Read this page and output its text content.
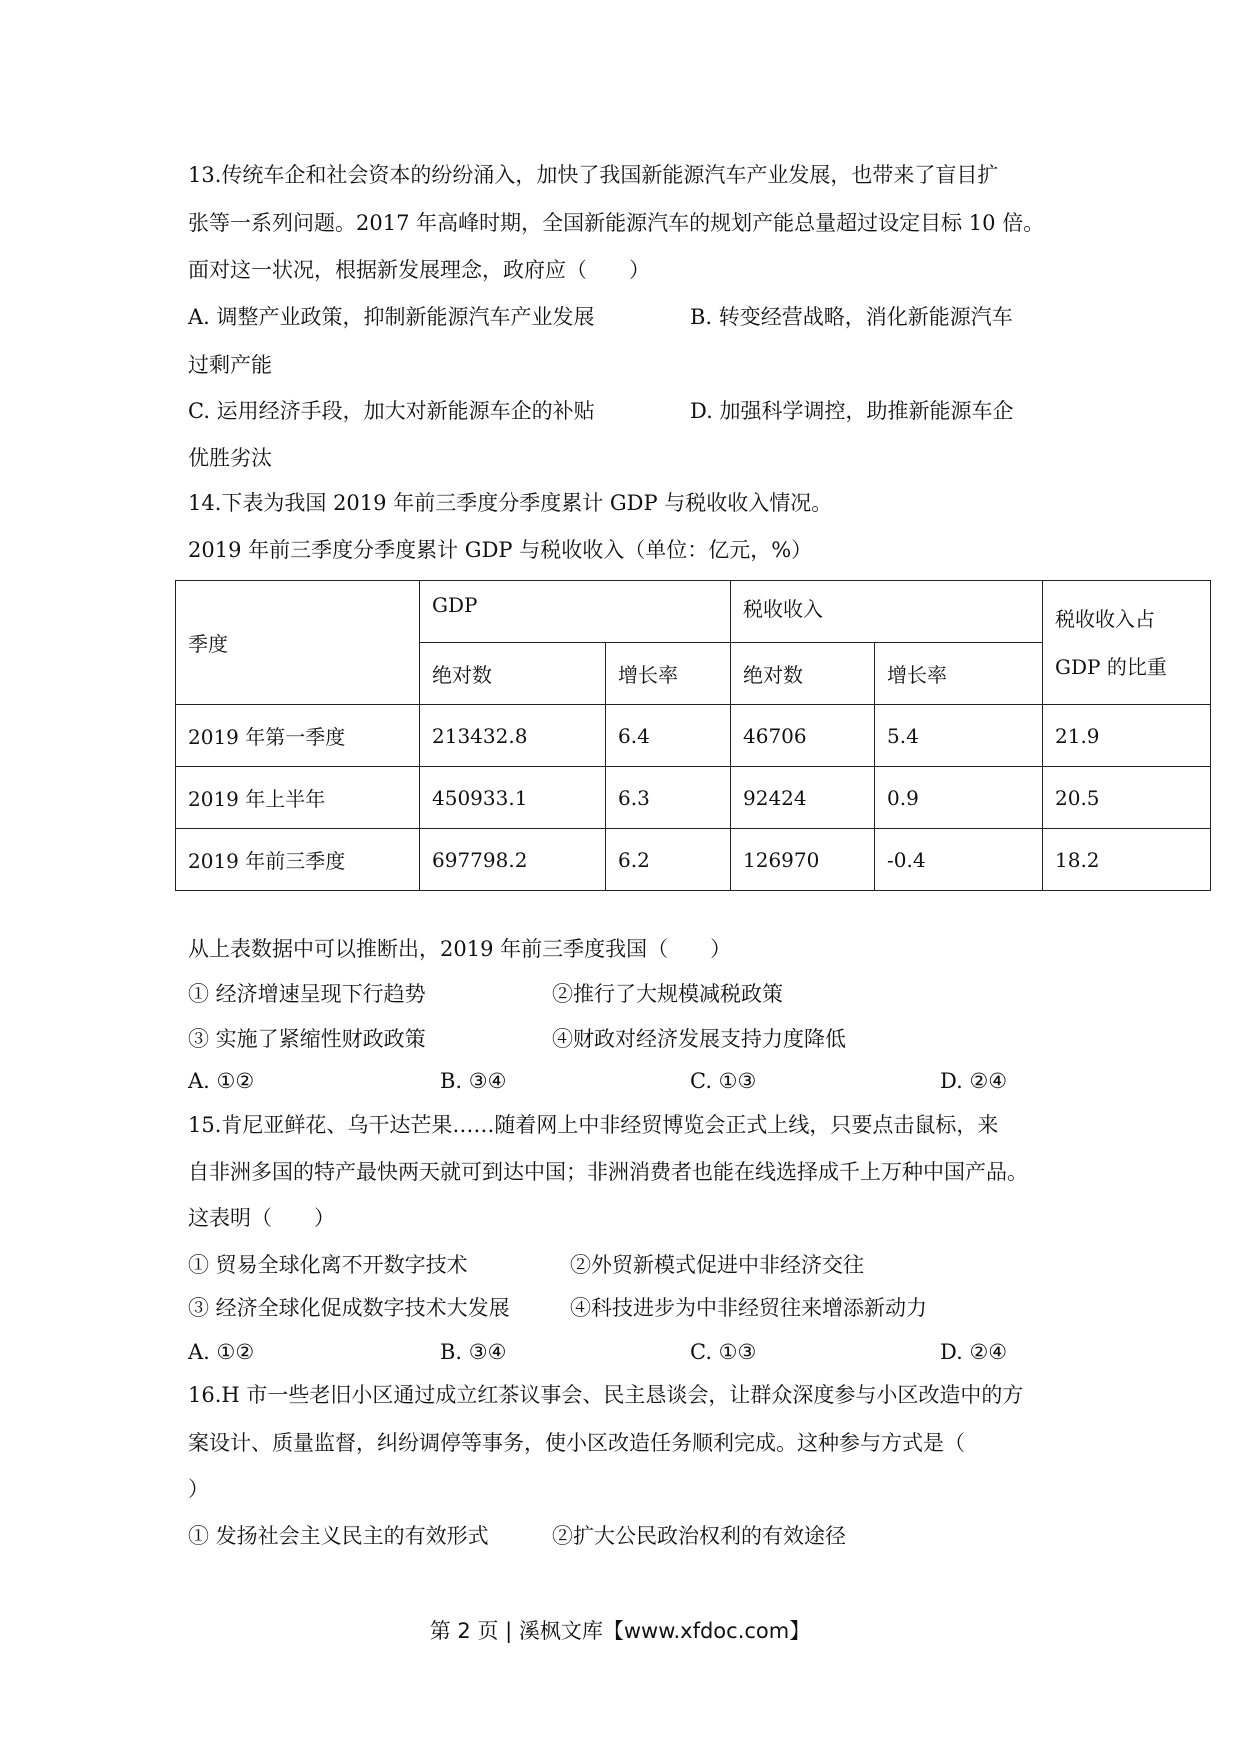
13.传统车企和社会资本的纷纷涌入，加快了我国新能源汽车产业发展，也带来了盲目扩
张等一系列问题。2017 年高峰时期，全国新能源汽车的规划产能总量超过设定目标 10 倍。
面对这一状况，根据新发展理念，政府应（　　）
A. 调整产业政策，抑制新能源汽车产业发展	B. 转变经营战略，消化新能源汽车
过剩产能
C. 运用经济手段，加大对新能源车企的补贴	D. 加强科学调控，助推新能源车企
优胜劣汰
14.下表为我国 2019 年前三季度分季度累计 GDP 与税收收入情况。
2019 年前三季度分季度累计 GDP 与税收收入（单位：亿元，%）
季度	GDP		税收收入		税收收入占
GDP 的比重

	绝对数	增长率	绝对数	增长率	
2019 年第一季度	213432.8	6.4	46706	5.4	21.9
2019 年上半年	450933.1	6.3	92424	0.9	20.5
2019 年前三季度	697798.2	6.2	126970	-0.4	18.2
从上表数据中可以推断出，2019 年前三季度我国（　　）
① 经济增速呈现下行趋势	②推行了大规模减税政策
③ 实施了紧缩性财政政策	④财政对经济发展支持力度降低
A. ①②	B. ③④	C. ①③	D. ②④
15.肯尼亚鲜花、乌干达芒果……随着网上中非经贸博览会正式上线，只要点击鼠标，来
自非洲多国的特产最快两天就可到达中国；非洲消费者也能在线选择成千上万种中国产品。
这表明（　　）
① 贸易全球化离不开数字技术	②外贸新模式促进中非经济交往
③ 经济全球化促成数字技术大发展	④科技进步为中非经贸往来增添新动力
A. ①②	B. ③④	C. ①③	D. ②④
16.H 市一些老旧小区通过成立红茶议事会、民主恳谈会，让群众深度参与小区改造中的方
案设计、质量监督，纠纷调停等事务，使小区改造任务顺利完成。这种参与方式是（
）
① 发扬社会主义民主的有效形式	②扩大公民政治权利的有效途径
第 2 页 | 溪枫文库【www.xfdoc.com】
